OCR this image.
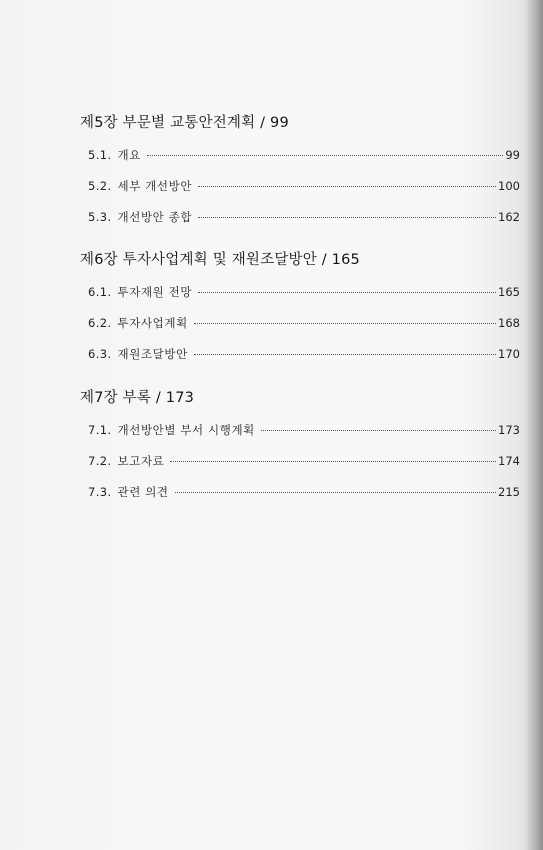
제5장 부문별 교통안전계획 / 99
5.1. 개요	99
5.2. 세부 개선방안	100
5.3. 개선방안 종합	162
제6장 투자사업계획 및 재원조달방안 / 165
6.1. 투자재원 전망	165
6.2. 투자사업계획	168
6.3. 재원조달방안	170
제7장 부록 / 173
7.1. 개선방안별 부서 시행계획	173
7.2. 보고자료	174
7.3. 관련 의견	215
